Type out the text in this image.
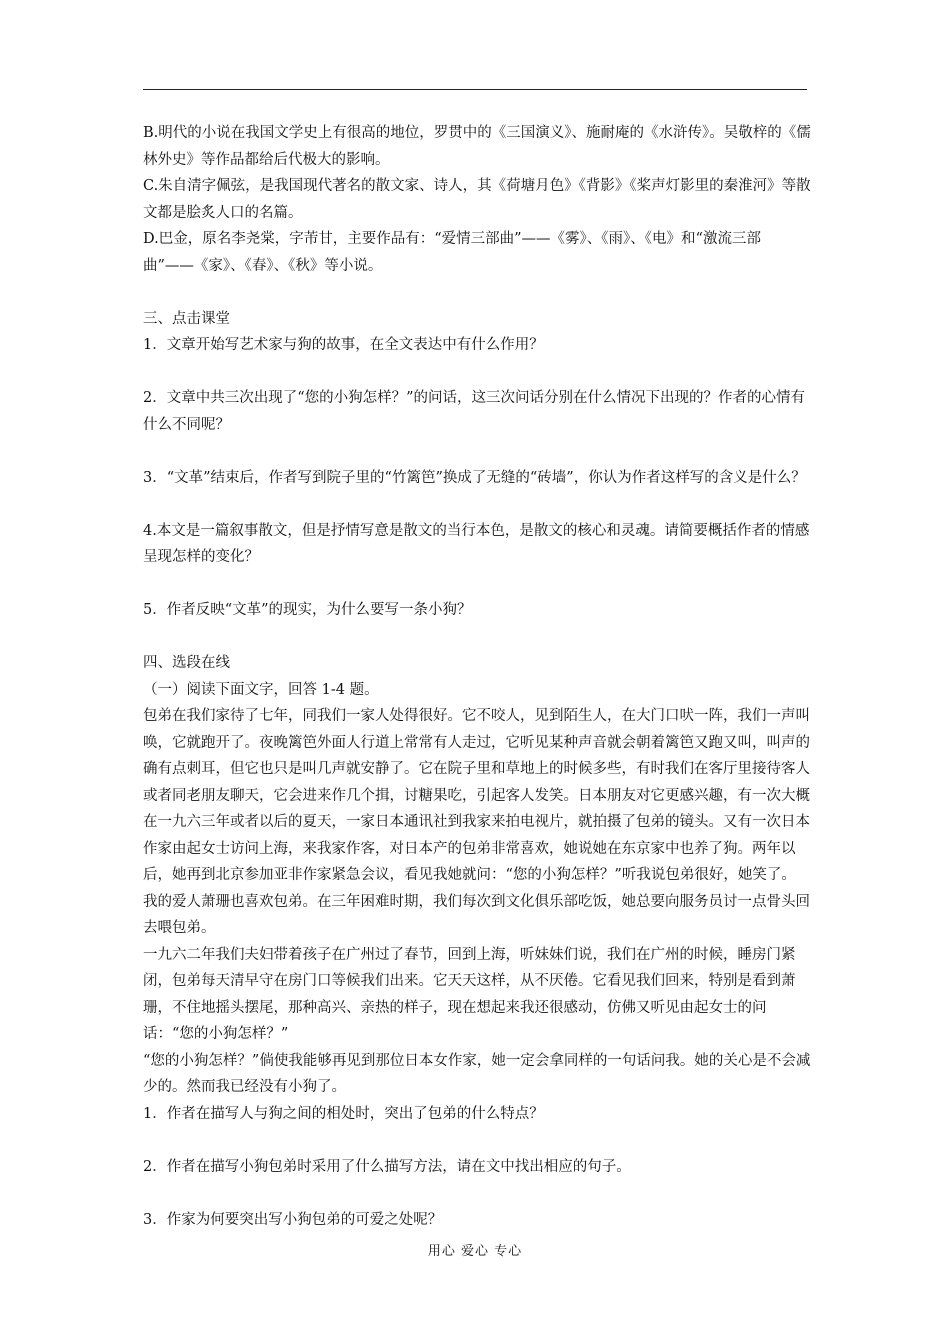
B.明代的小说在我国文学史上有很高的地位，罗贯中的《三国演义》、施耐庵的《水浒传》。吴敬梓的《儒林外史》等作品都给后代极大的影响。

C.朱自清字佩弦，是我国现代著名的散文家、诗人，其《荷塘月色》《背影》《桨声灯影里的秦淮河》等散文都是脍炙人口的名篇。

D.巴金，原名李尧棠，字芾甘，主要作品有：“爱情三部曲”——《雾》、《雨》、《电》和“激流三部曲”——《家》、《春》、《秋》等小说。

三、点击课堂

1．文章开始写艺术家与狗的故事，在全文表达中有什么作用？

2．文章中共三次出现了“您的小狗怎样？”的问话，这三次问话分别在什么情况下出现的？作者的心情有什么不同呢？

3．“文革”结束后，作者写到院子里的“竹篱笆”换成了无缝的“砖墙”，你认为作者这样写的含义是什么？

4.本文是一篇叙事散文，但是抒情写意是散文的当行本色，是散文的核心和灵魂。请简要概括作者的情感呈现怎样的变化？

5．作者反映“文革”的现实，为什么要写一条小狗？

四、选段在线

（一）阅读下面文字，回答 1-4 题。

包弟在我们家待了七年，同我们一家人处得很好。它不咬人，见到陌生人，在大门口吠一阵，我们一声叫唤，它就跑开了。夜晚篱笆外面人行道上常常有人走过，它听见某种声音就会朝着篱笆又跑又叫，叫声的确有点刺耳，但它也只是叫几声就安静了。它在院子里和草地上的时候多些，有时我们在客厅里接待客人或者同老朋友聊天，它会进来作几个揖，讨糖果吃，引起客人发笑。日本朋友对它更感兴趣，有一次大概在一九六三年或者以后的夏天，一家日本通讯社到我家来拍电视片，就拍摄了包弟的镜头。又有一次日本作家由起女士访问上海，来我家作客，对日本产的包弟非常喜欢，她说她在东京家中也养了狗。两年以后，她再到北京参加亚非作家紧急会议，看见我她就问：“您的小狗怎样？”听我说包弟很好，她笑了。

我的爱人萧珊也喜欢包弟。在三年困难时期，我们每次到文化俱乐部吃饭，她总要向服务员讨一点骨头回去喂包弟。

一九六二年我们夫妇带着孩子在广州过了春节，回到上海，听妹妹们说，我们在广州的时候，睡房门紧闭，包弟每天清早守在房门口等候我们出来。它天天这样，从不厌倦。它看见我们回来，特别是看到萧珊，不住地摇头摆尾，那种高兴、亲热的样子，现在想起来我还很感动，仿佛又听见由起女士的问话：“您的小狗怎样？”

“您的小狗怎样？”倘使我能够再见到那位日本女作家，她一定会拿同样的一句话问我。她的关心是不会减少的。然而我已经没有小狗了。

1．作者在描写人与狗之间的相处时，突出了包弟的什么特点？

2．作者在描写小狗包弟时采用了什么描写方法，请在文中找出相应的句子。

3．作家为何要突出写小狗包弟的可爱之处呢？

用心 爱心 专心
